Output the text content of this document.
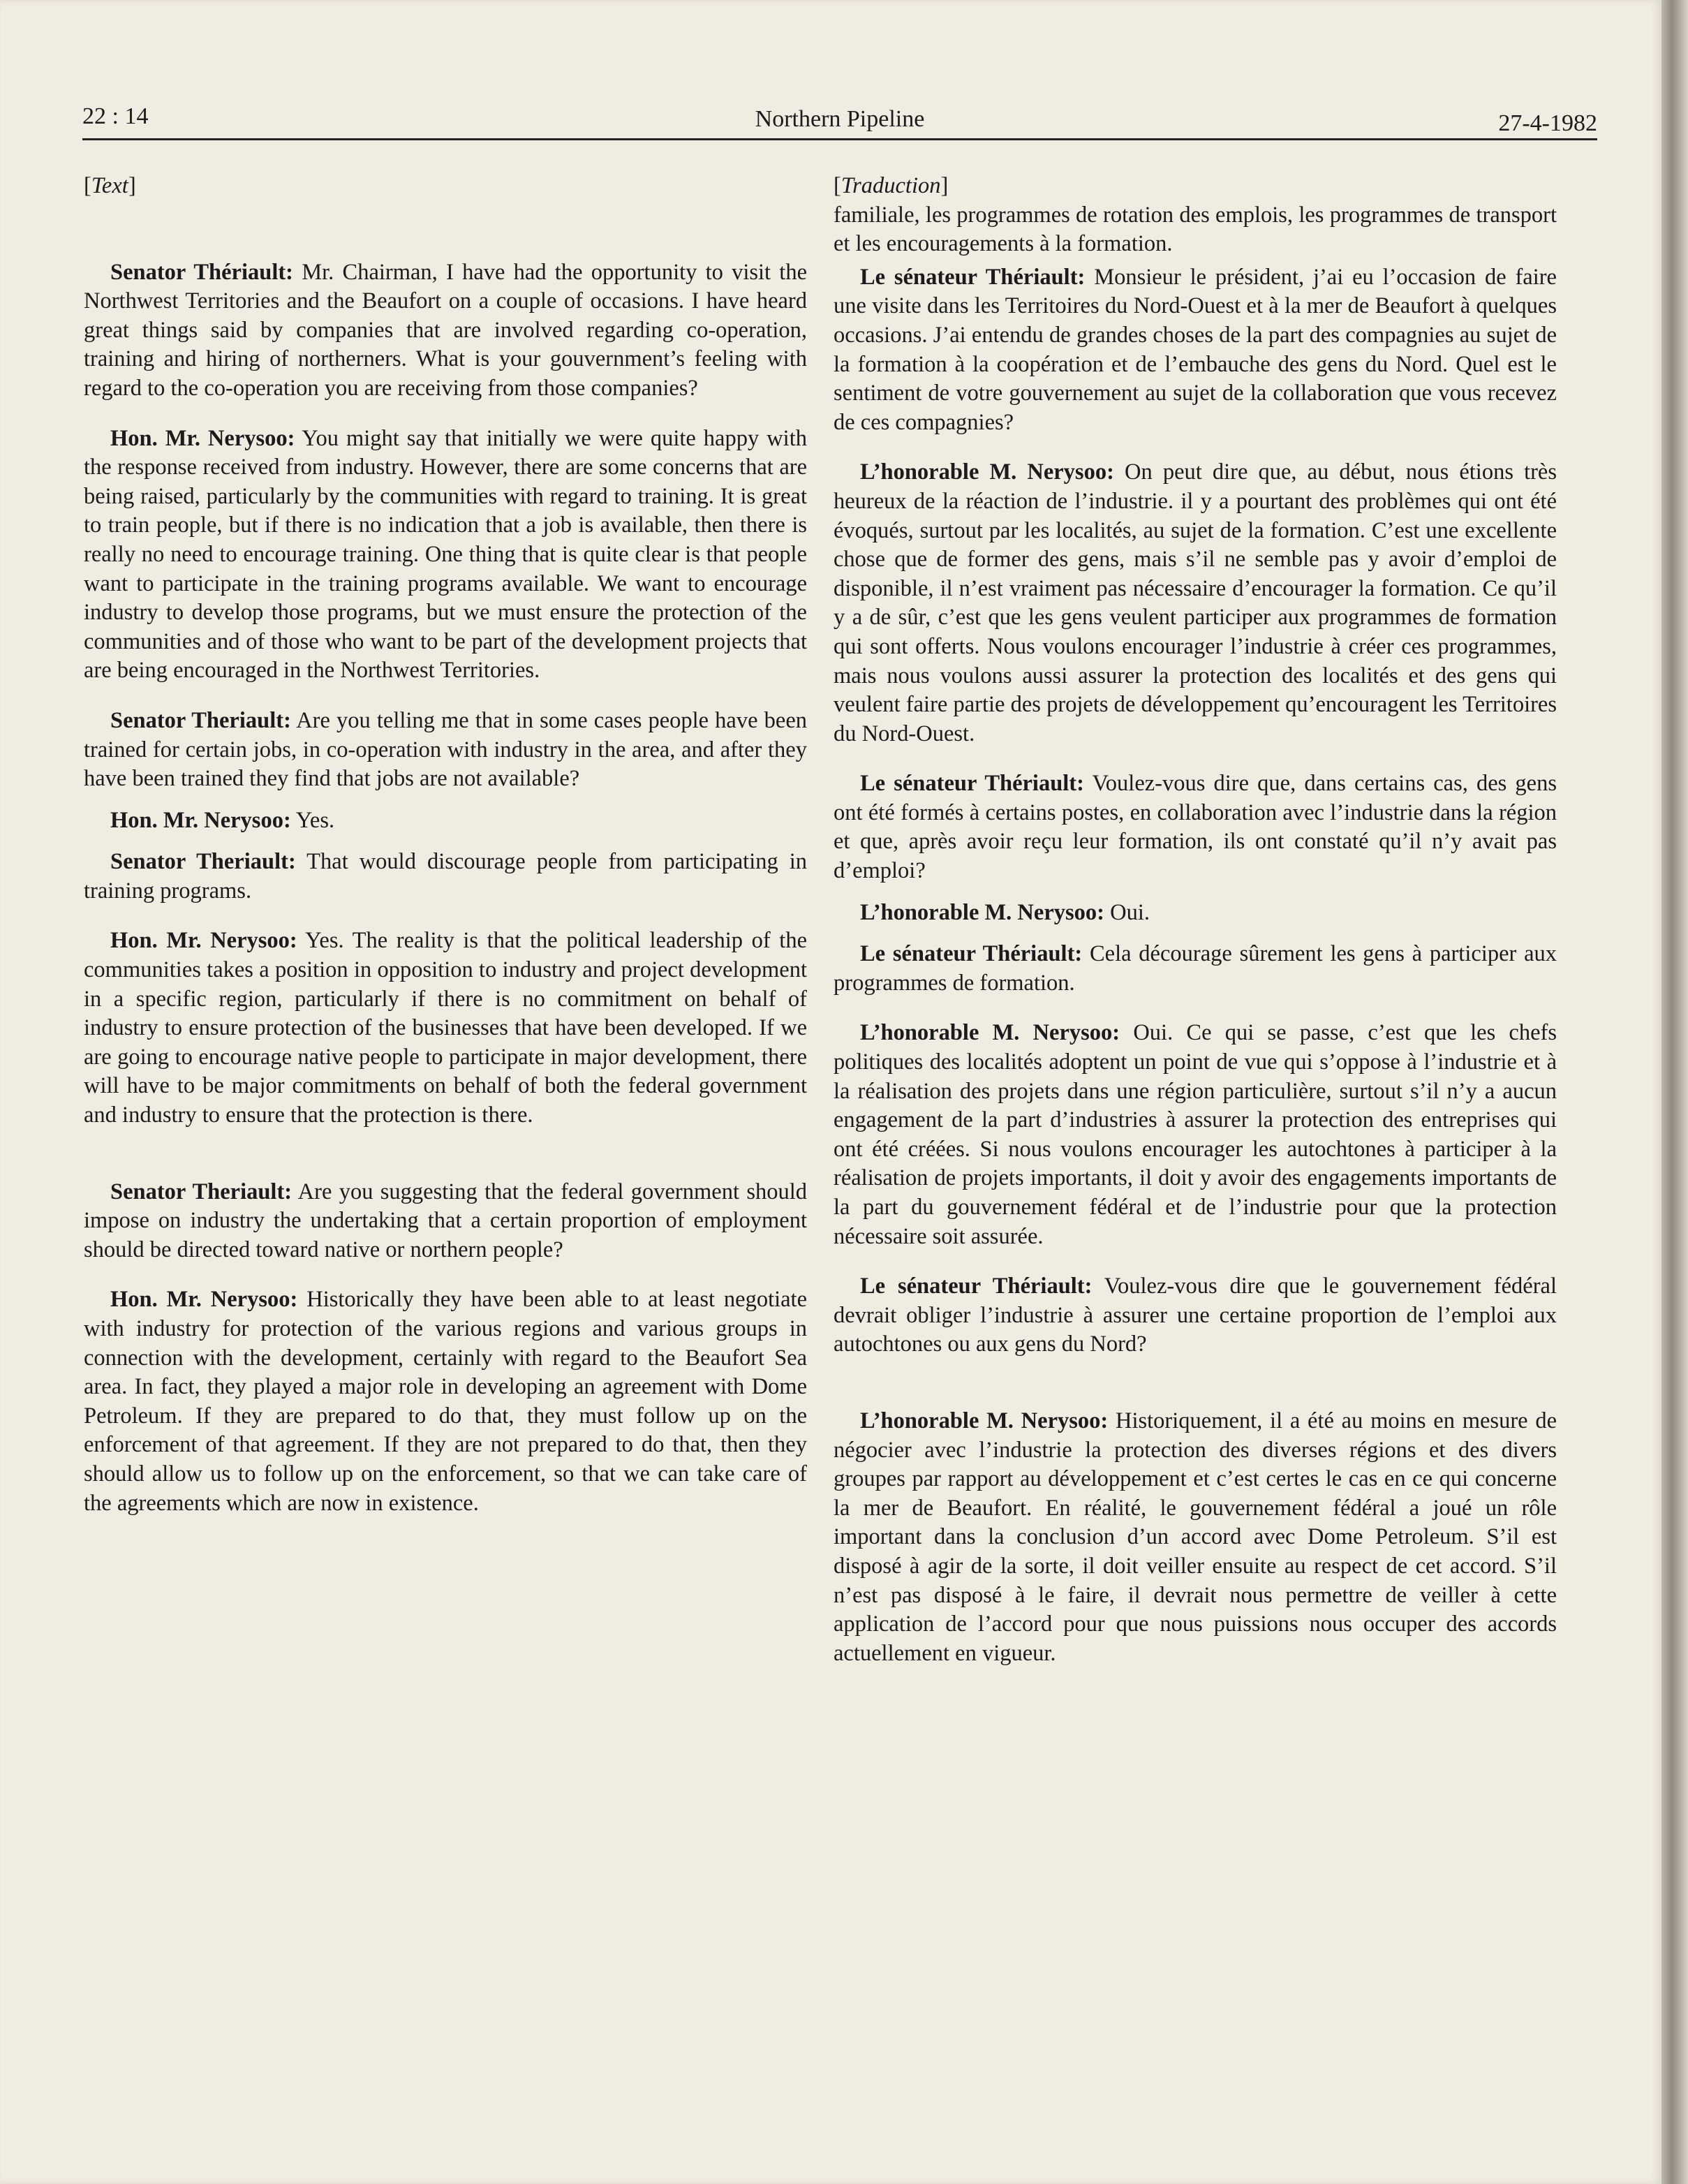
22 : 14	Northern Pipeline	27-4-1982

[Text]

Senator Thériault: Mr. Chairman, I have had the opportunity to visit the Northwest Territories and the Beaufort on a couple of occasions. I have heard great things said by companies that are involved regarding co-operation, training and hiring of northerners. What is your gouvernment’s feeling with regard to the co-operation you are receiving from those companies?

Hon. Mr. Nerysoo: You might say that initially we were quite happy with the response received from industry. However, there are some concerns that are being raised, particularly by the communities with regard to training. It is great to train people, but if there is no indication that a job is available, then there is really no need to encourage training. One thing that is quite clear is that people want to participate in the training programs available. We want to encourage industry to develop those programs, but we must ensure the protection of the communities and of those who want to be part of the development projects that are being encouraged in the Northwest Territories.

Senator Theriault: Are you telling me that in some cases people have been trained for certain jobs, in co-operation with industry in the area, and after they have been trained they find that jobs are not available?

Hon. Mr. Nerysoo: Yes.

Senator Theriault: That would discourage people from participating in training programs.

Hon. Mr. Nerysoo: Yes. The reality is that the political leadership of the communities takes a position in opposition to industry and project development in a specific region, particularly if there is no commitment on behalf of industry to ensure protection of the businesses that have been developed. If we are going to encourage native people to participate in major development, there will have to be major commitments on behalf of both the federal government and industry to ensure that the protection is there.

Senator Theriault: Are you suggesting that the federal government should impose on industry the undertaking that a certain proportion of employment should be directed toward native or northern people?

Hon. Mr. Nerysoo: Historically they have been able to at least negotiate with industry for protection of the various regions and various groups in connection with the development, certainly with regard to the Beaufort Sea area. In fact, they played a major role in developing an agreement with Dome Petroleum. If they are prepared to do that, they must follow up on the enforcement of that agreement. If they are not prepared to do that, then they should allow us to follow up on the enforcement, so that we can take care of the agreements which are now in existence.

[Traduction]

familiale, les programmes de rotation des emplois, les programmes de transport et les encouragements à la formation.

Le sénateur Thériault: Monsieur le président, j’ai eu l’occasion de faire une visite dans les Territoires du Nord-Ouest et à la mer de Beaufort à quelques occasions. J’ai entendu de grandes choses de la part des compagnies au sujet de la formation à la coopération et de l’embauche des gens du Nord. Quel est le sentiment de votre gouvernement au sujet de la collaboration que vous recevez de ces compagnies?

L’honorable M. Nerysoo: On peut dire que, au début, nous étions très heureux de la réaction de l’industrie. il y a pourtant des problèmes qui ont été évoqués, surtout par les localités, au sujet de la formation. C’est une excellente chose que de former des gens, mais s’il ne semble pas y avoir d’emploi de disponible, il n’est vraiment pas nécessaire d’encourager la formation. Ce qu’il y a de sûr, c’est que les gens veulent participer aux programmes de formation qui sont offerts. Nous voulons encourager l’industrie à créer ces programmes, mais nous voulons aussi assurer la protection des localités et des gens qui veulent faire partie des projets de développement qu’encouragent les Territoires du Nord-Ouest.

Le sénateur Thériault: Voulez-vous dire que, dans certains cas, des gens ont été formés à certains postes, en collaboration avec l’industrie dans la région et que, après avoir reçu leur formation, ils ont constaté qu’il n’y avait pas d’emploi?

L’honorable M. Nerysoo: Oui.

Le sénateur Thériault: Cela décourage sûrement les gens à participer aux programmes de formation.

L’honorable M. Nerysoo: Oui. Ce qui se passe, c’est que les chefs politiques des localités adoptent un point de vue qui s’oppose à l’industrie et à la réalisation des projets dans une région particulière, surtout s’il n’y a aucun engagement de la part d’industries à assurer la protection des entreprises qui ont été créées. Si nous voulons encourager les autochtones à participer à la réalisation de projets importants, il doit y avoir des engagements importants de la part du gouvernement fédéral et de l’industrie pour que la protection nécessaire soit assurée.

Le sénateur Thériault: Voulez-vous dire que le gouvernement fédéral devrait obliger l’industrie à assurer une certaine proportion de l’emploi aux autochtones ou aux gens du Nord?

L’honorable M. Nerysoo: Historiquement, il a été au moins en mesure de négocier avec l’industrie la protection des diverses régions et des divers groupes par rapport au développement et c’est certes le cas en ce qui concerne la mer de Beaufort. En réalité, le gouvernement fédéral a joué un rôle important dans la conclusion d’un accord avec Dome Petroleum. S’il est disposé à agir de la sorte, il doit veiller ensuite au respect de cet accord. S’il n’est pas disposé à le faire, il devrait nous permettre de veiller à cette application de l’accord pour que nous puissions nous occuper des accords actuellement en vigueur.
